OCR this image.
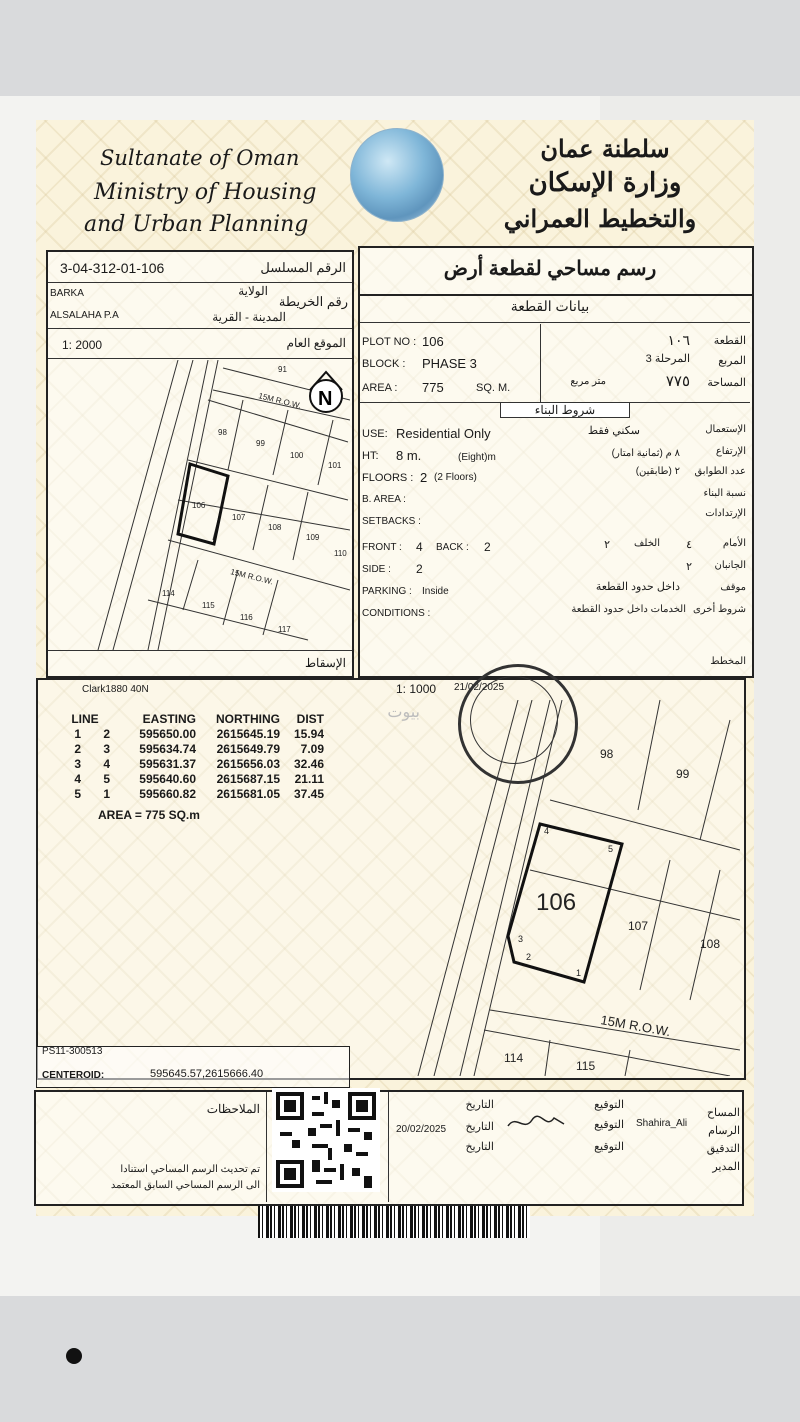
Sultanate of Oman
Ministry of Housing
and Urban Planning
سلطنة عمان
وزارة الإسكان
والتخطيط العمراني
3-04-312-01-106	الرقم المسلسل
BARKA	الولاية
رقم الخريطة
ALSALAHA P.A	المدينة - القرية
1: 2000	الموقع العام
الإسقاط
91
98
99
100
101
106
107
108
109
110
114
115
116
117
15M R.O.W.
15M R.O.W.
N
رسم مساحي لقطعة أرض
بيانات القطعة
PLOT NO : 106
BLOCK : PHASE 3
AREA : 775	SQ. M.
١٠٦	القطعة
المرحلة 3	المربع
متر مربع	٧٧٥	المساحة
شروط البناء
USE: Residential Only	سكني فقط	الإستعمال
HT: 8 m.	(Eight)m	٨ م (ثمانية امتار)	الإرتفاع
FLOORS : 2 (2 Floors)
٢ (طابقين)	عدد الطوابق
B. AREA :
نسبة البناء
SETBACKS :
الإرتدادات
FRONT : 4 BACK : 2	٢	الخلف	٤	الأمام
SIDE : 2	٢	الجانبان
PARKING : Inside	داخل حدود القطعة	موقف
CONDITIONS :	الخدمات داخل حدود القطعة شروط أخرى
المخطط
Clark1880 40N	1: 1000 21/02/2025
بيوت
LINE		EASTING	NORTHING	DIST
1	2	595650.00	2615645.19	15.94
2	3	595634.74	2615649.79	7.09
3	4	595631.37	2615656.03	32.46
4	5	595640.60	2615687.15	21.11
5	1	595660.82	2615681.05	37.45
AREA = 775 SQ.m
106
98
99
107
108
114
115
1
2
3
4
5
15M R.O.W.
PS11-300513
CENTEROID:	595645.57,2615666.40
الملاحظات
تم تحديث الرسم المساحي استنادا
الى الرسم المساحي السابق المعتمد
المساح
التوقيع
التاريخ
الرسام
Shahira_Ali
التوقيع
التاريخ
20/02/2025
التدقيق
التوقيع
التاريخ
المدير
